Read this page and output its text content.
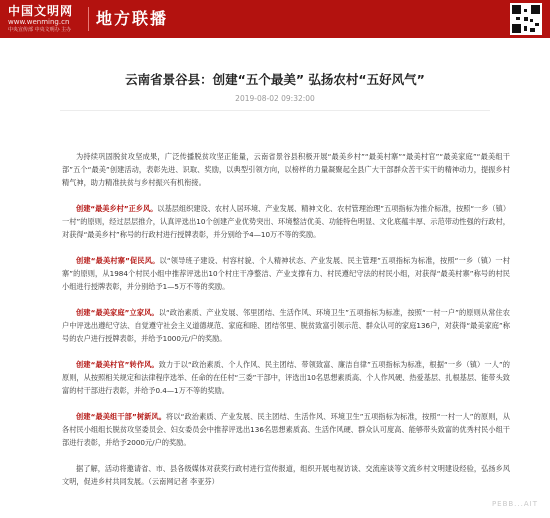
中国文明网
www.wenming.cn
中央宣传部 中央文明办 主办
地方联播
云南省景谷县：创建“五个最美” 弘扬农村“五好风气”
2019-08-02 09:32:00
为持续巩固脱贫攻坚成果，广泛传播脱贫攻坚正能量，云南省景谷县积极开展“最美乡村”“最美村寨”“最美村官”“最美家庭”“最美组干部”五个“最美”创建活动，表彰先进、识取、奖励，以典型引领方向，以榜样的力量凝聚起全县广大干部群众苦干实干的精神动力，提振乡村精气神，助力精准扶贫与乡村振兴有机衔接。
创建“最美乡村”正乡风。以基层组织建设、农村人居环境、产业发展、精神文化、农村管理治理”五项指标为推介标准，按照“一乡（镇）一村”的原则，经过层层推介，认真评选出10个创建产业优势突出、环境整洁优美、功能特色明显、文化底蕴丰厚、示范带动性强的行政村，对获得“最美乡村”称号的行政村进行授牌表彰，并分别给予4—10万不等的奖励。
创建“最美村寨”促民风。以“领导班子建设、村容村貌、个人精神状态、产业发展、民主管理”五项指标为标准，按照“一乡（镇）一村寨”的原则，从1984个村民小组中推荐评选出10个村庄干净整洁、产业支撑有力、村民遵纪守法的村民小组，对获得“最美村寨”称号的村民小组进行授牌表彰，并分别给予1—5万不等的奖励。
创建“最美家庭”立家风。以“政治素质、产业发展、邻里团结、生活作风、环境卫生”五项指标为标准，按照“一村一户”的原则从常住农户中评选出遵纪守法、自觉遵守社会主义道德规范、家庭和睦、团结邻里、脱贫致富引领示范、群众认可的家庭136户，对获得“最美家庭”称号的农户进行授牌表彰，并给予1000元/户的奖励。
创建“最美村官”转作风。致力于以“政治素质、个人作风、民主团结、带领致富、廉洁自律”五项指标为标准，根据“一乡（镇）一人”的原则，从按照相关规定和法律程序选举、任命的在任村“三委”干部中，评选出10名思想素质高、个人作风硬、热爱基层、扎根基层、能带头致富的村干部进行表彰，并给予0.4—1万不等的奖励。
创建“最美组干部”树新风。将以“政治素质、产业发展、民主团结、生活作风、环境卫生”五项指标为标准，按照“一村一人”的原则，从各村民小组组长脱贫攻坚委员会、妇女委员会中推荐评选出136名思想素质高、生活作风硬、群众认可度高、能够带头致富的优秀村民小组干部进行表彰，并给予2000元/户的奖励。
据了解，活动将邀请省、市、县各级媒体对获奖行政村进行宣传报道，组织开展电视访谈、交流座谈等文流乡村文明建设经验，弘扬乡风文明，促进乡村共同发展。（云南网记者 李亚芬）
PEBB...AIT
